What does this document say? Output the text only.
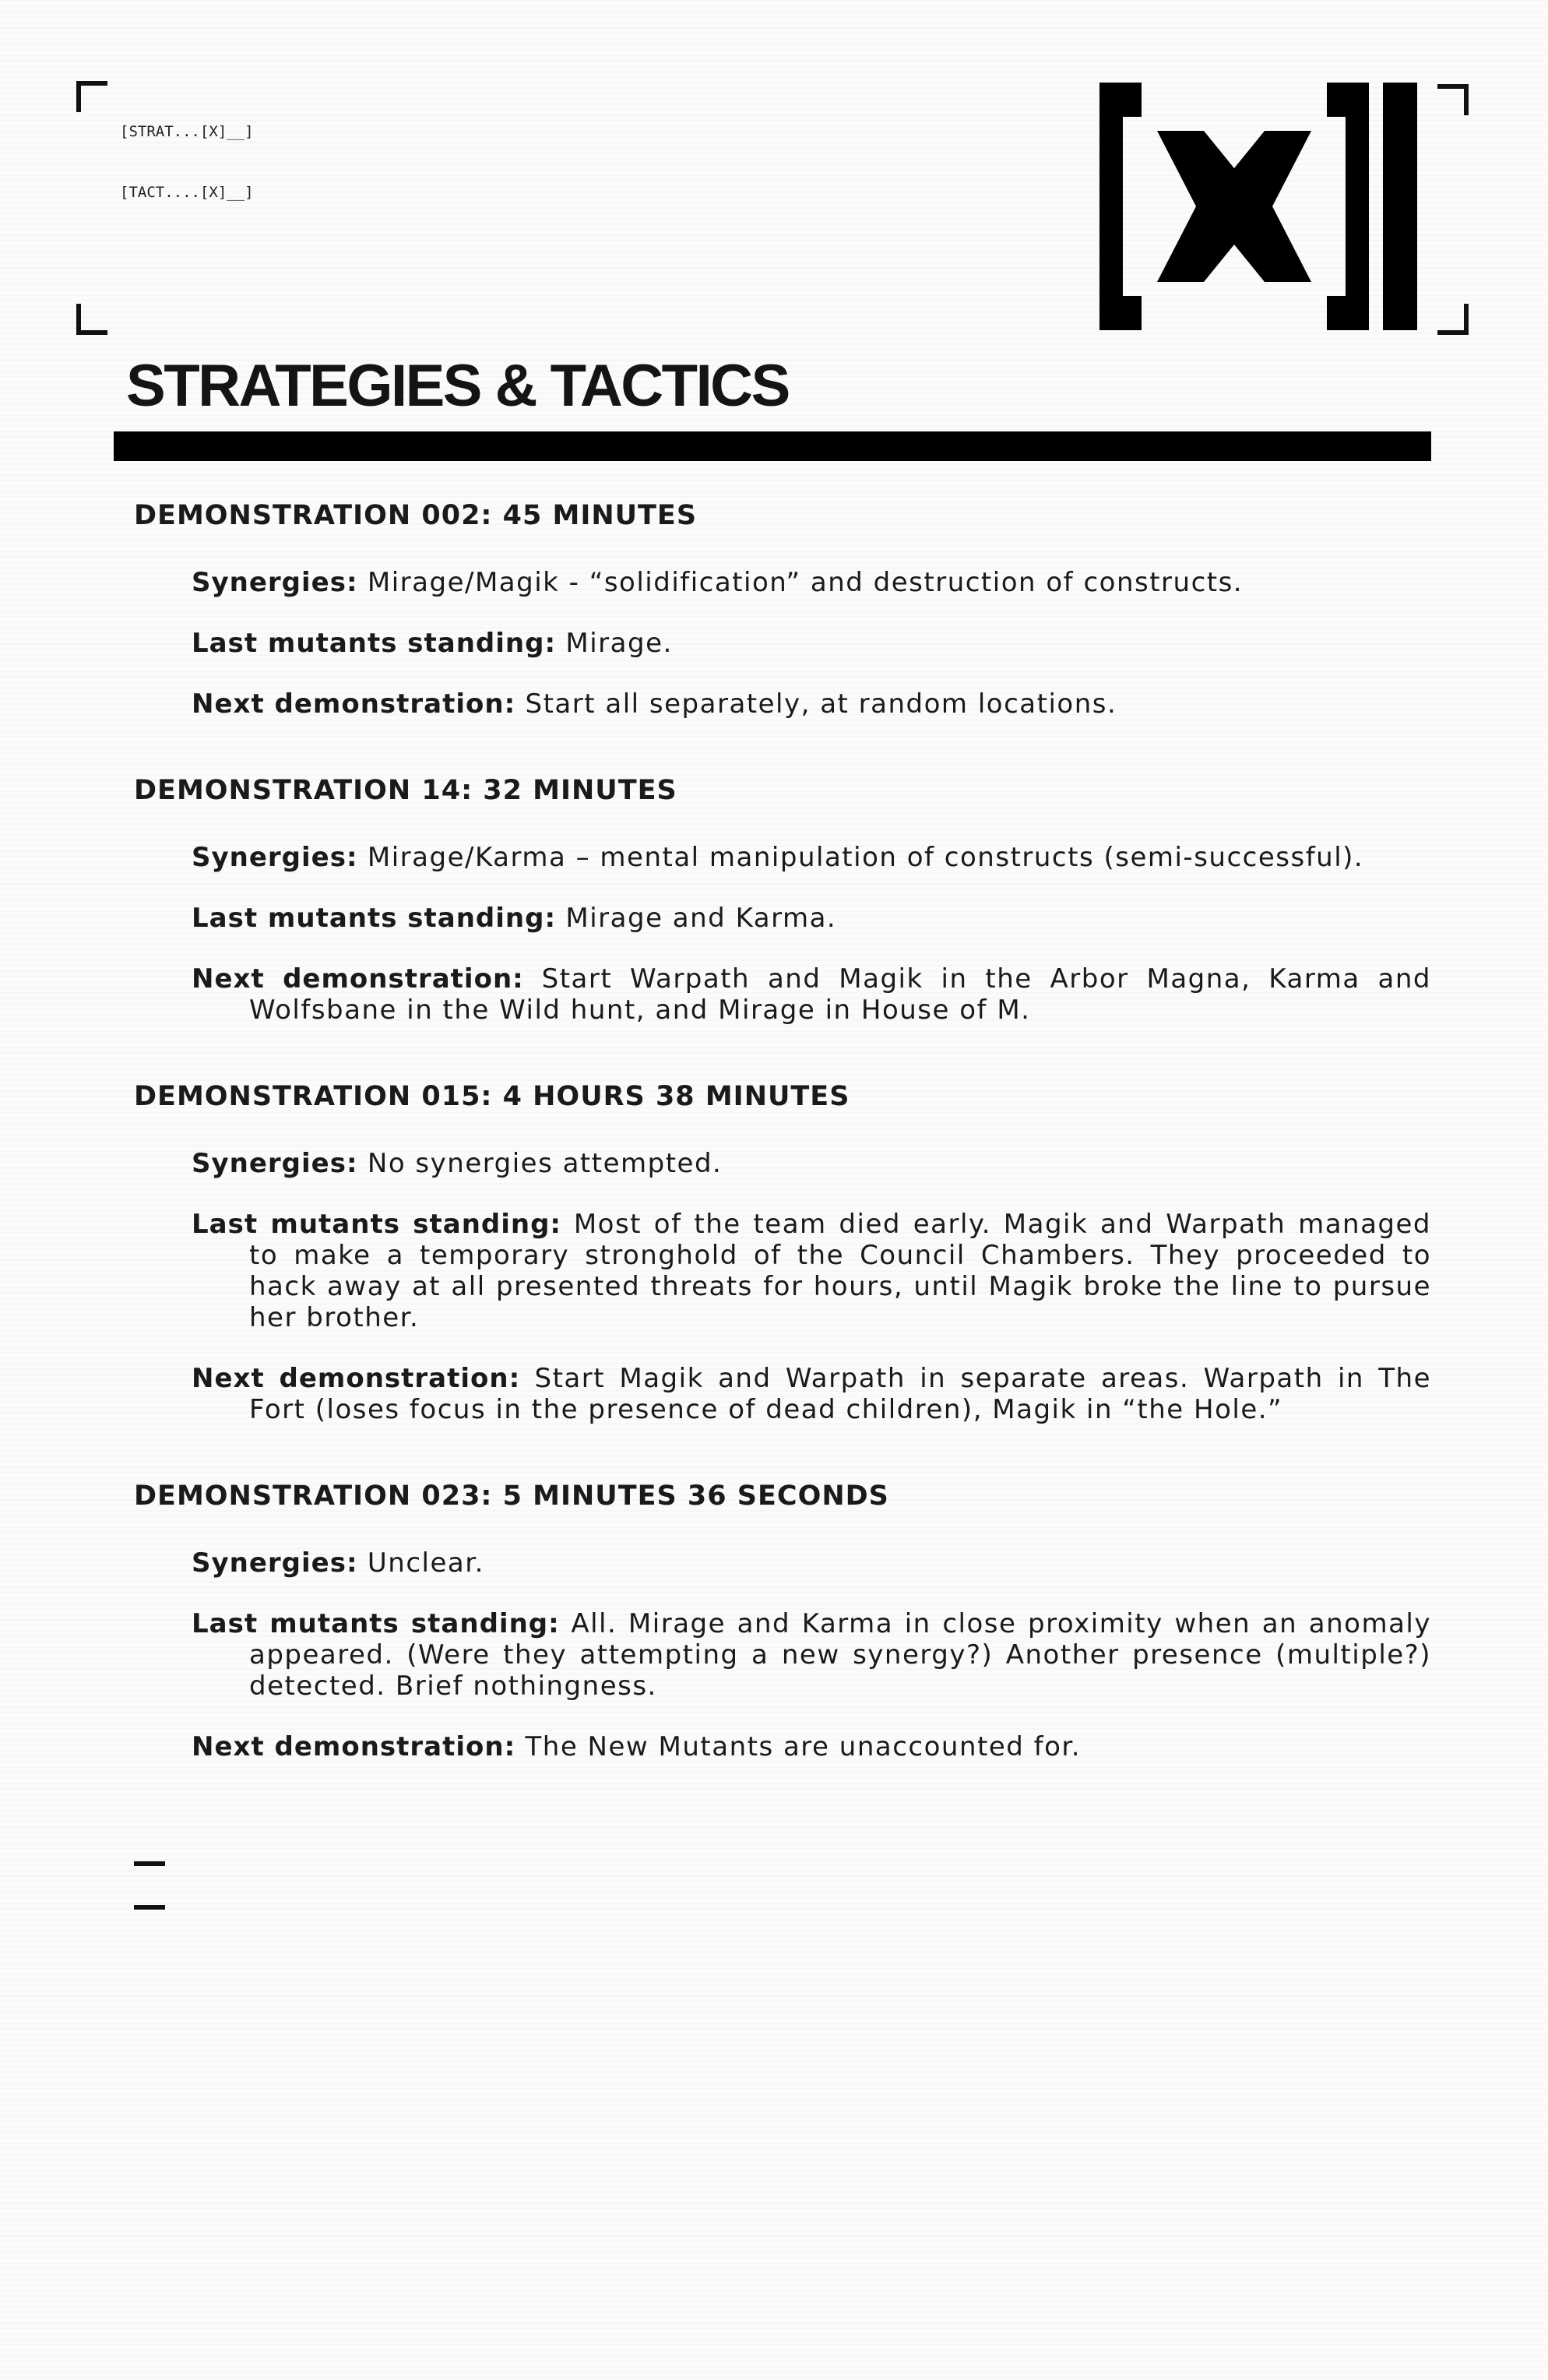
[STRAT...[X]__]

[TACT....[X]__]

STRATEGIES & TACTICS
DEMONSTRATION 002: 45 MINUTES

Synergies: Mirage/Magik - “solidification” and destruction of constructs.

Last mutants standing: Mirage.

Next demonstration: Start all separately, at random locations.

DEMONSTRATION 14: 32 MINUTES

Synergies: Mirage/Karma – mental manipulation of constructs (semi-successful).

Last mutants standing: Mirage and Karma.

Next demonstration: Start Warpath and Magik in the Arbor Magna, Karma and Wolfsbane in the Wild hunt, and Mirage in House of M.

DEMONSTRATION 015: 4 HOURS 38 MINUTES

Synergies: No synergies attempted.

Last mutants standing: Most of the team died early. Magik and Warpath managed to make a temporary stronghold of the Council Chambers. They proceeded to hack away at all presented threats for hours, until Magik broke the line to pursue her brother.

Next demonstration: Start Magik and Warpath in separate areas. Warpath in The Fort (loses focus in the presence of dead children), Magik in “the Hole.”

DEMONSTRATION 023: 5 MINUTES 36 SECONDS

Synergies: Unclear.

Last mutants standing: All. Mirage and Karma in close proximity when an anomaly appeared. (Were they attempting a new synergy?) Another presence (multiple?) detected. Brief nothingness.

Next demonstration: The New Mutants are unaccounted for.
